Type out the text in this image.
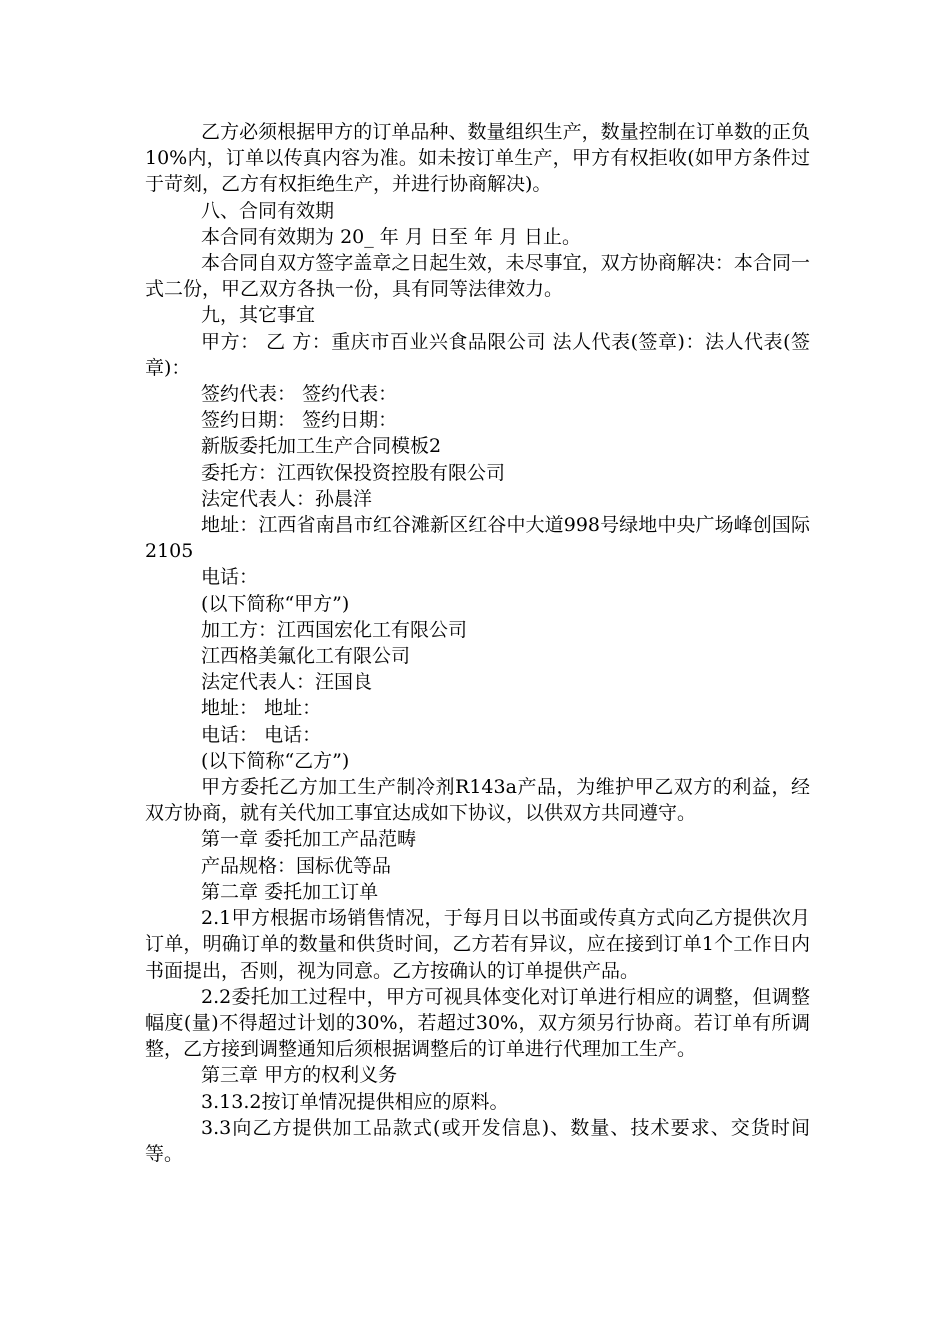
乙方必须根据甲方的订单品种、数量组织生产，数量控制在订单数的正负10%内，订单以传真内容为准。如未按订单生产，甲方有权拒收(如甲方条件过于苛刻，乙方有权拒绝生产，并进行协商解决)。

八、合同有效期

本合同有效期为 20_ 年 月 日至 年 月 日止。

本合同自双方签字盖章之日起生效，未尽事宜，双方协商解决：本合同一式二份，甲乙双方各执一份，具有同等法律效力。

九，其它事宜

甲方： 乙 方：重庆市百业兴食品限公司 法人代表(签章)：法人代表(签章)：

签约代表： 签约代表：

签约日期： 签约日期：

新版委托加工生产合同模板2

委托方：江西钦保投资控股有限公司

法定代表人：孙晨洋

地址：江西省南昌市红谷滩新区红谷中大道998号绿地中央广场峰创国际2105

电话：

(以下简称“甲方”)

加工方：江西国宏化工有限公司

江西格美氟化工有限公司

法定代表人：汪国良

地址： 地址：

电话： 电话：

(以下简称“乙方”)

甲方委托乙方加工生产制冷剂R143a产品，为维护甲乙双方的利益，经双方协商，就有关代加工事宜达成如下协议，以供双方共同遵守。

第一章 委托加工产品范畴

产品规格：国标优等品

第二章 委托加工订单

2.1甲方根据市场销售情况，于每月日以书面或传真方式向乙方提供次月订单，明确订单的数量和供货时间，乙方若有异议，应在接到订单1个工作日内书面提出，否则，视为同意。乙方按确认的订单提供产品。

2.2委托加工过程中，甲方可视具体变化对订单进行相应的调整，但调整幅度(量)不得超过计划的30%，若超过30%，双方须另行协商。若订单有所调整，乙方接到调整通知后须根据调整后的订单进行代理加工生产。

第三章 甲方的权利义务

3.13.2按订单情况提供相应的原料。

3.3向乙方提供加工品款式(或开发信息)、数量、技术要求、交货时间等。
